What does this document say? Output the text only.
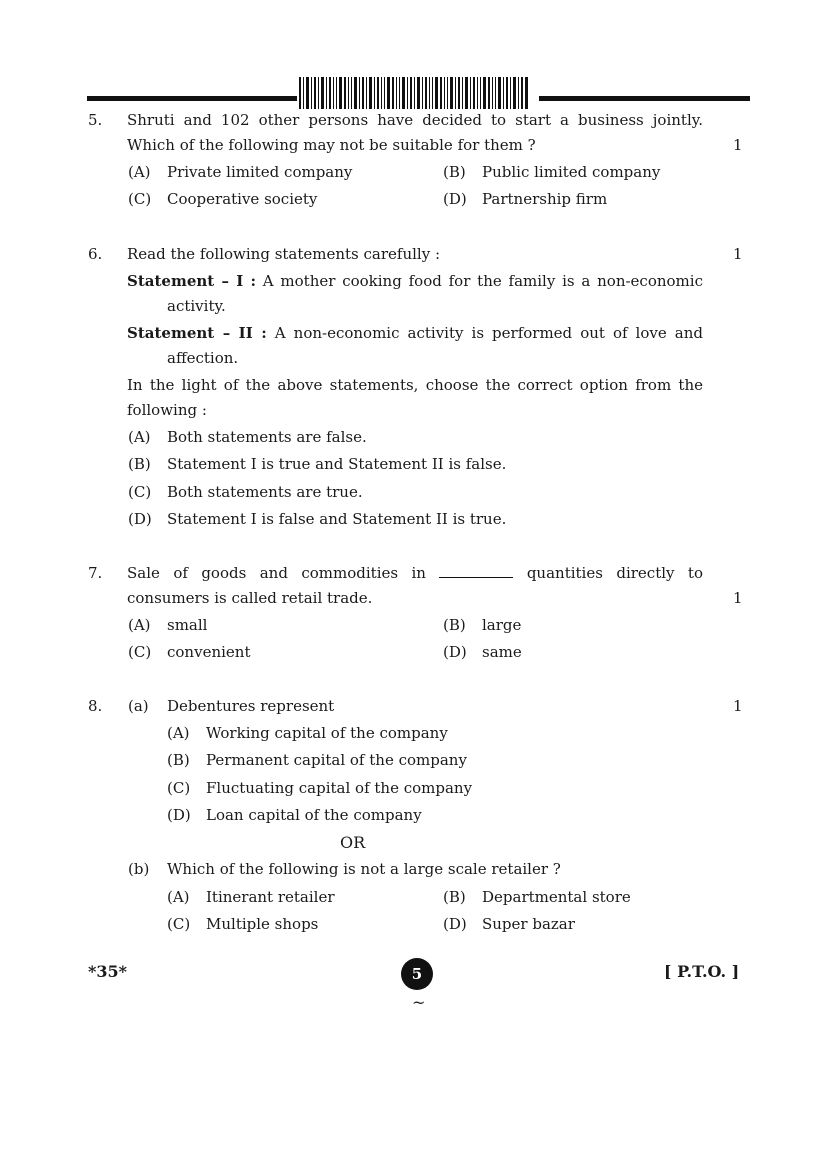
5. Shruti and 102 other persons have decided to start a business jointly.
Which of the following may not be suitable for them ?	1
(A) Private limited company	(B) Public limited company
(C) Cooperative society	(D) Partnership firm
6. Read the following statements carefully :	1
Statement – I : A mother cooking food for the family is a non-economic
activity.
Statement – II : A non-economic activity is performed out of love and
affection.
In the light of the above statements, choose the correct option from the
following :
(A) Both statements are false.
(B) Statement I is true and Statement II is false.
(C) Both statements are true.
(D) Statement I is false and Statement II is true.
7. Sale of goods and commodities in	quantities directly to
consumers is called retail trade.	1
(A) small	(B) large
(C) convenient	(D) same
8. (a) Debentures represent	1
(A) Working capital of the company
(B) Permanent capital of the company
(C) Fluctuating capital of the company
(D) Loan capital of the company
OR
(b) Which of the following is not a large scale retailer ?
(A) Itinerant retailer	(B) Departmental store
(C) Multiple shops	(D) Super bazar
*35*	5	[ P.T.O. ]
~
